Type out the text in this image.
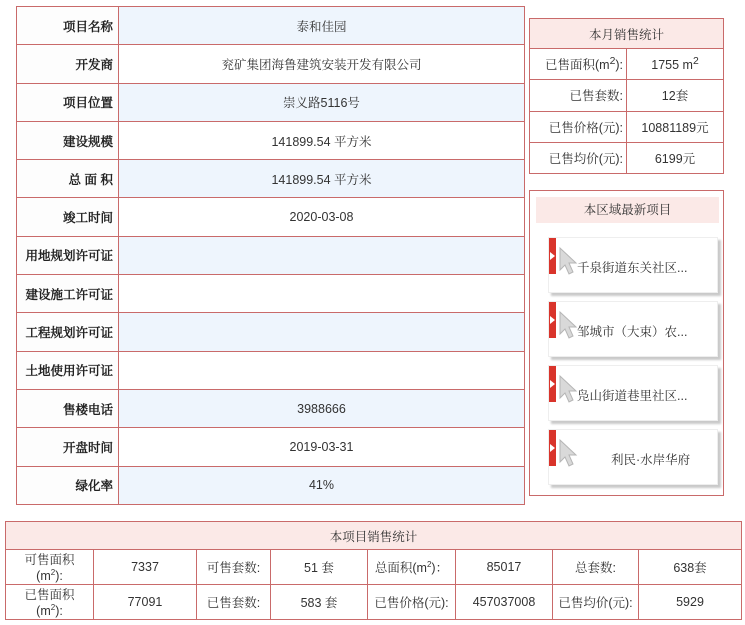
项目名称	泰和佳园
开发商	兖矿集团海鲁建筑安装开发有限公司
项目位置	崇义路5116号
建设规模	141899.54 平方米
总 面 积	141899.54 平方米
竣工时间	2020-03-08
用地规划许可证	
建设施工许可证	
工程规划许可证	
土地使用许可证	
售楼电话	3988666
开盘时间	2019-03-31
绿化率	41%
本月销售统计	
已售面积$(m^2)$:	1755 $m^2$
已售套数:	12套
已售价格(元):	10881189元
已售均价(元):	6199元
本区域最新项目
千泉街道东关社区...
邹城市（大束）农...
凫山街道巷里社区...
利民·水岸华府
本项目销售统计							
可售面积
$(m^2)$:	7337	可售套数:	51 套	总面积$(m^2)$：	85017	总套数:	638套
已售面积
$(m^2)$:	77091	已售套数:	583 套	已售价格(元):	457037008	已售均价(元):	5929
